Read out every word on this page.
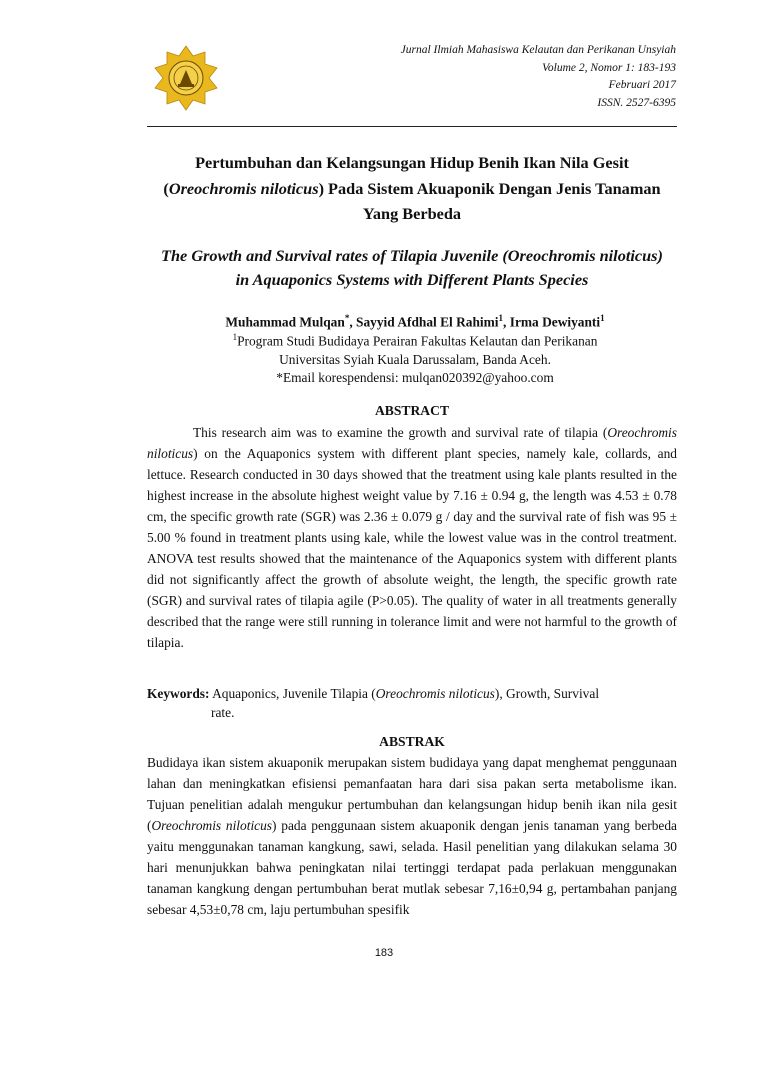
Jurnal Ilmiah Mahasiswa Kelautan dan Perikanan Unsyiah
Volume 2, Nomor 1: 183-193
Februari 2017
ISSN. 2527-6395
Pertumbuhan dan Kelangsungan Hidup Benih Ikan Nila Gesit (Oreochromis niloticus) Pada Sistem Akuaponik Dengan Jenis Tanaman Yang Berbeda
The Growth and Survival rates of Tilapia Juvenile (Oreochromis niloticus) in Aquaponics Systems with Different Plants Species
Muhammad Mulqan*, Sayyid Afdhal El Rahimi$^1$, Irma Dewiyanti$^1$
$^1$Program Studi Budidaya Perairan Fakultas Kelautan dan Perikanan
Universitas Syiah Kuala Darussalam, Banda Aceh.
*Email korespendensi: mulqan020392@yahoo.com
ABSTRACT
This research aim was to examine the growth and survival rate of tilapia (Oreochromis niloticus) on the Aquaponics system with different plant species, namely kale, collards, and lettuce. Research conducted in 30 days showed that the treatment using kale plants resulted in the highest increase in the absolute highest weight value by 7.16 ± 0.94 g, the length was 4.53 ± 0.78 cm, the specific growth rate (SGR) was 2.36 ± 0.079 g / day and the survival rate of fish was 95 ± 5.00 % found in treatment plants using kale, while the lowest value was in the control treatment. ANOVA test results showed that the maintenance of the Aquaponics system with different plants did not significantly affect the growth of absolute weight, the length, the specific growth rate (SGR) and survival rates of tilapia agile (P>0.05). The quality of water in all treatments generally described that the range were still running in tolerance limit and were not harmful to the growth of tilapia.
Keywords: Aquaponics, Juvenile Tilapia (Oreochromis niloticus), Growth, Survival
rate.
ABSTRAK
Budidaya ikan sistem akuaponik merupakan sistem budidaya yang dapat menghemat penggunaan lahan dan meningkatkan efisiensi pemanfaatan hara dari sisa pakan serta metabolisme ikan. Tujuan penelitian adalah mengukur pertumbuhan dan kelangsungan hidup benih ikan nila gesit (Oreochromis niloticus) pada penggunaan sistem akuaponik dengan jenis tanaman yang berbeda yaitu menggunakan tanaman kangkung, sawi, selada. Hasil penelitian yang dilakukan selama 30 hari menunjukkan bahwa peningkatan nilai tertinggi terdapat pada perlakuan menggunakan tanaman kangkung dengan pertumbuhan berat mutlak sebesar 7,16±0,94 g, pertambahan panjang sebesar 4,53±0,78 cm, laju pertumbuhan spesifik
183
